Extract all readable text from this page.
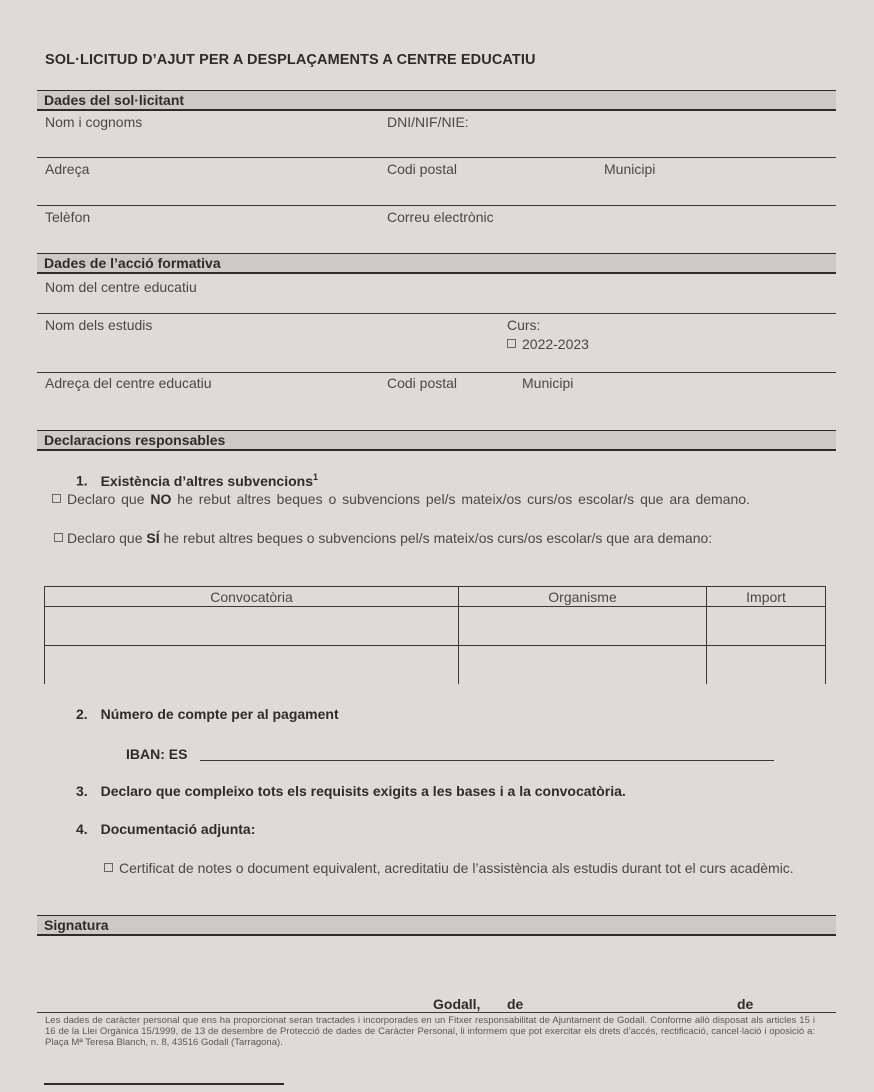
SOL·LICITUD D’AJUT PER A DESPLAÇAMENTS A CENTRE EDUCATIU
Dades del sol·licitant
Nom i cognoms	DNI/NIF/NIE:
Adreça	Codi postal	Municipi
Telèfon	Correu electrònic
Dades de l’acció formativa
Nom del centre educatiu
Nom dels estudis	Curs:
2022-2023
Adreça del centre educatiu	Codi postal	Municipi
Declaracions responsables
1. Existència d’altres subvencions$^1$
Declaro que NO he rebut altres beques o subvencions pel/s mateix/os curs/os escolar/s que ara demano.
Declaro que SÍ he rebut altres beques o subvencions pel/s mateix/os curs/os escolar/s que ara demano:
Convocatòria	Organisme	Import

2. Número de compte per al pagament
IBAN: ES
3. Declaro que compleixo tots els requisits exigits a les bases i a la convocatòria.
4. Documentació adjunta:
Certificat de notes o document equivalent, acreditatiu de l’assistència als estudis durant tot el curs acadèmic.
Signatura
Godall, de	de
Les dades de caràcter personal que ens ha proporcionat seran tractades i incorporades en un Fitxer responsabilitat de Ajuntament de Godall. Conforme allò disposat als articles 15 i 16 de la Llei Orgànica 15/1999, de 13 de desembre de Protecció de dades de Caràcter Personal, li informem que pot exercitar els drets d’accés, rectificació, cancel·lació i oposició a: Plaça Mª Teresa Blanch, n. 8, 43516 Godall (Tarragona).
